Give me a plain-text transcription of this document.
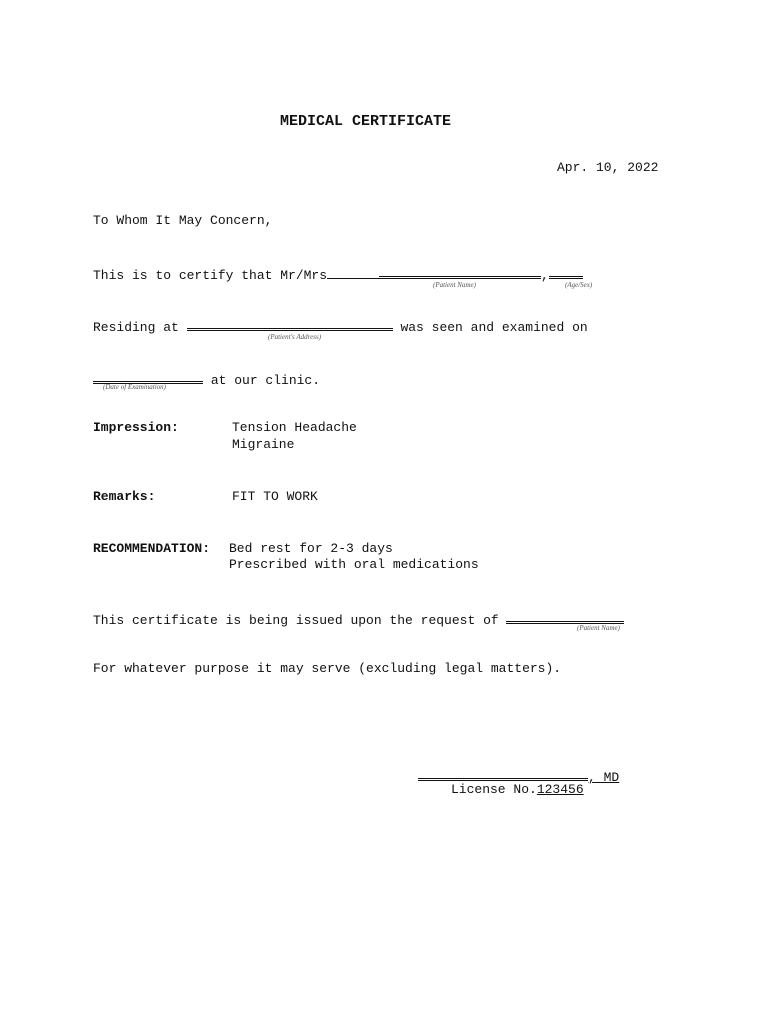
MEDICAL CERTIFICATE
Apr. 10, 2022
To Whom It May Concern,
This is to certify that Mr/Mrs	,
(Patient Name)	(Age/Sex)
Residing at	was seen and examined on
(Patient's Address)
at our clinic.
(Date of Examination)
Impression:	Tension Headache
Migraine
Remarks:	FIT TO WORK
RECOMMENDATION: Bed rest for 2-3 days
Prescribed with oral medications
This certificate is being issued upon the request of	(Patient Name)
For whatever purpose it may serve (excluding legal matters).
, MD
License No.123456
